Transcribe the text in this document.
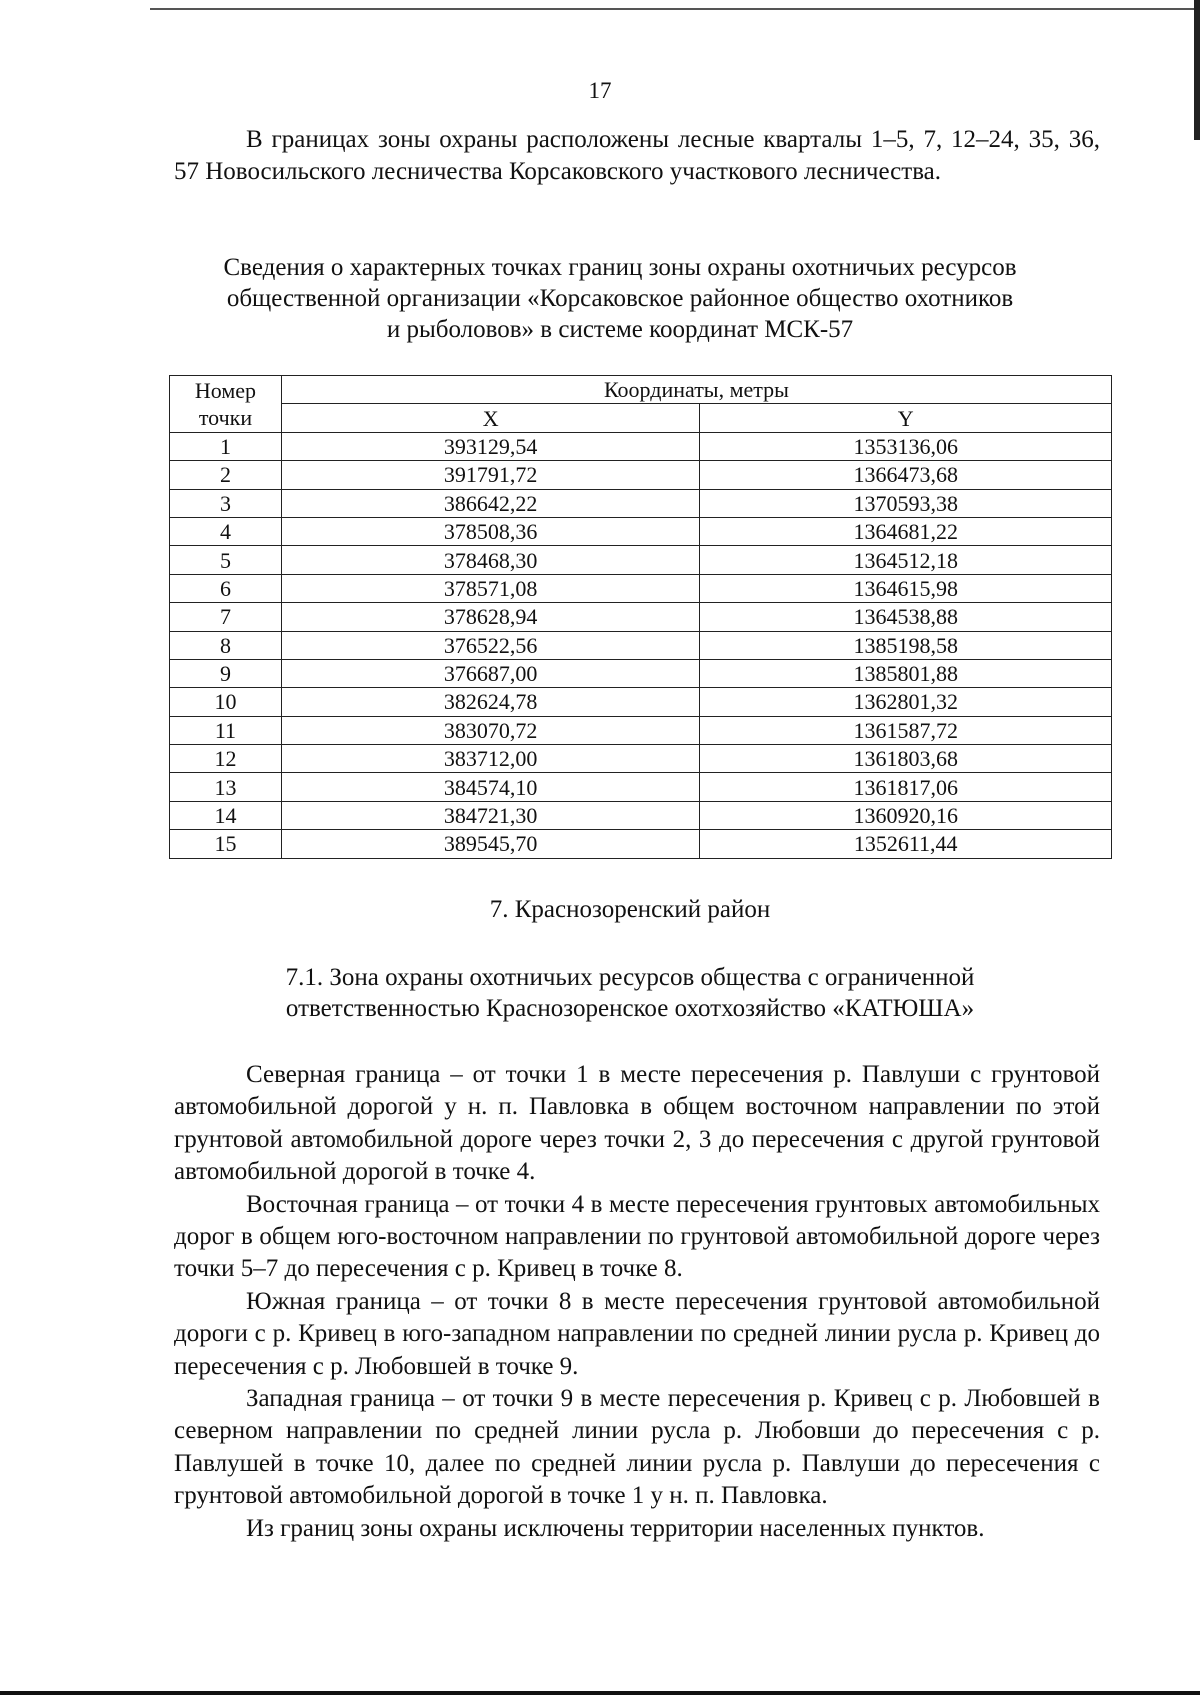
17

В границах зоны охраны расположены лесные кварталы 1–5, 7, 12–24, 35, 36, 57 Новосильского лесничества Корсаковского участкового лесничества.

Сведения о характерных точках границ зоны охраны охотничьих ресурсов
общественной организации «Корсаковское районное общество охотников
и рыболовов» в системе координат МСК-57
Номер
точки	Координаты, метры	
	X	Y
1	393129,54	1353136,06
2	391791,72	1366473,68
3	386642,22	1370593,38
4	378508,36	1364681,22
5	378468,30	1364512,18
6	378571,08	1364615,98
7	378628,94	1364538,88
8	376522,56	1385198,58
9	376687,00	1385801,88
10	382624,78	1362801,32
11	383070,72	1361587,72
12	383712,00	1361803,68
13	384574,10	1361817,06
14	384721,30	1360920,16
15	389545,70	1352611,44
7. Краснозоренский район
7.1. Зона охраны охотничьих ресурсов общества с ограниченной
ответственностью Краснозоренское охотхозяйство «КАТЮША»

Северная граница – от точки 1 в месте пересечения р. Павлуши с грунтовой автомобильной дорогой у н. п. Павловка в общем восточном направлении по этой грунтовой автомобильной дороге через точки 2, 3 до пересечения с другой грунтовой автомобильной дорогой в точке 4.

Восточная граница – от точки 4 в месте пересечения грунтовых автомобильных дорог в общем юго-восточном направлении по грунтовой автомобильной дороге через точки 5–7 до пересечения с р. Кривец в точке 8.

Южная граница – от точки 8 в месте пересечения грунтовой автомобильной дороги с р. Кривец в юго-западном направлении по средней линии русла р. Кривец до пересечения с р. Любовшей в точке 9.

Западная граница – от точки 9 в месте пересечения р. Кривец с р. Любовшей в северном направлении по средней линии русла р. Любовши до пересечения с р. Павлушей в точке 10, далее по средней линии русла р. Павлуши до пересечения с грунтовой автомобильной дорогой в точке 1 у н. п. Павловка.

Из границ зоны охраны исключены территории населенных пунктов.
